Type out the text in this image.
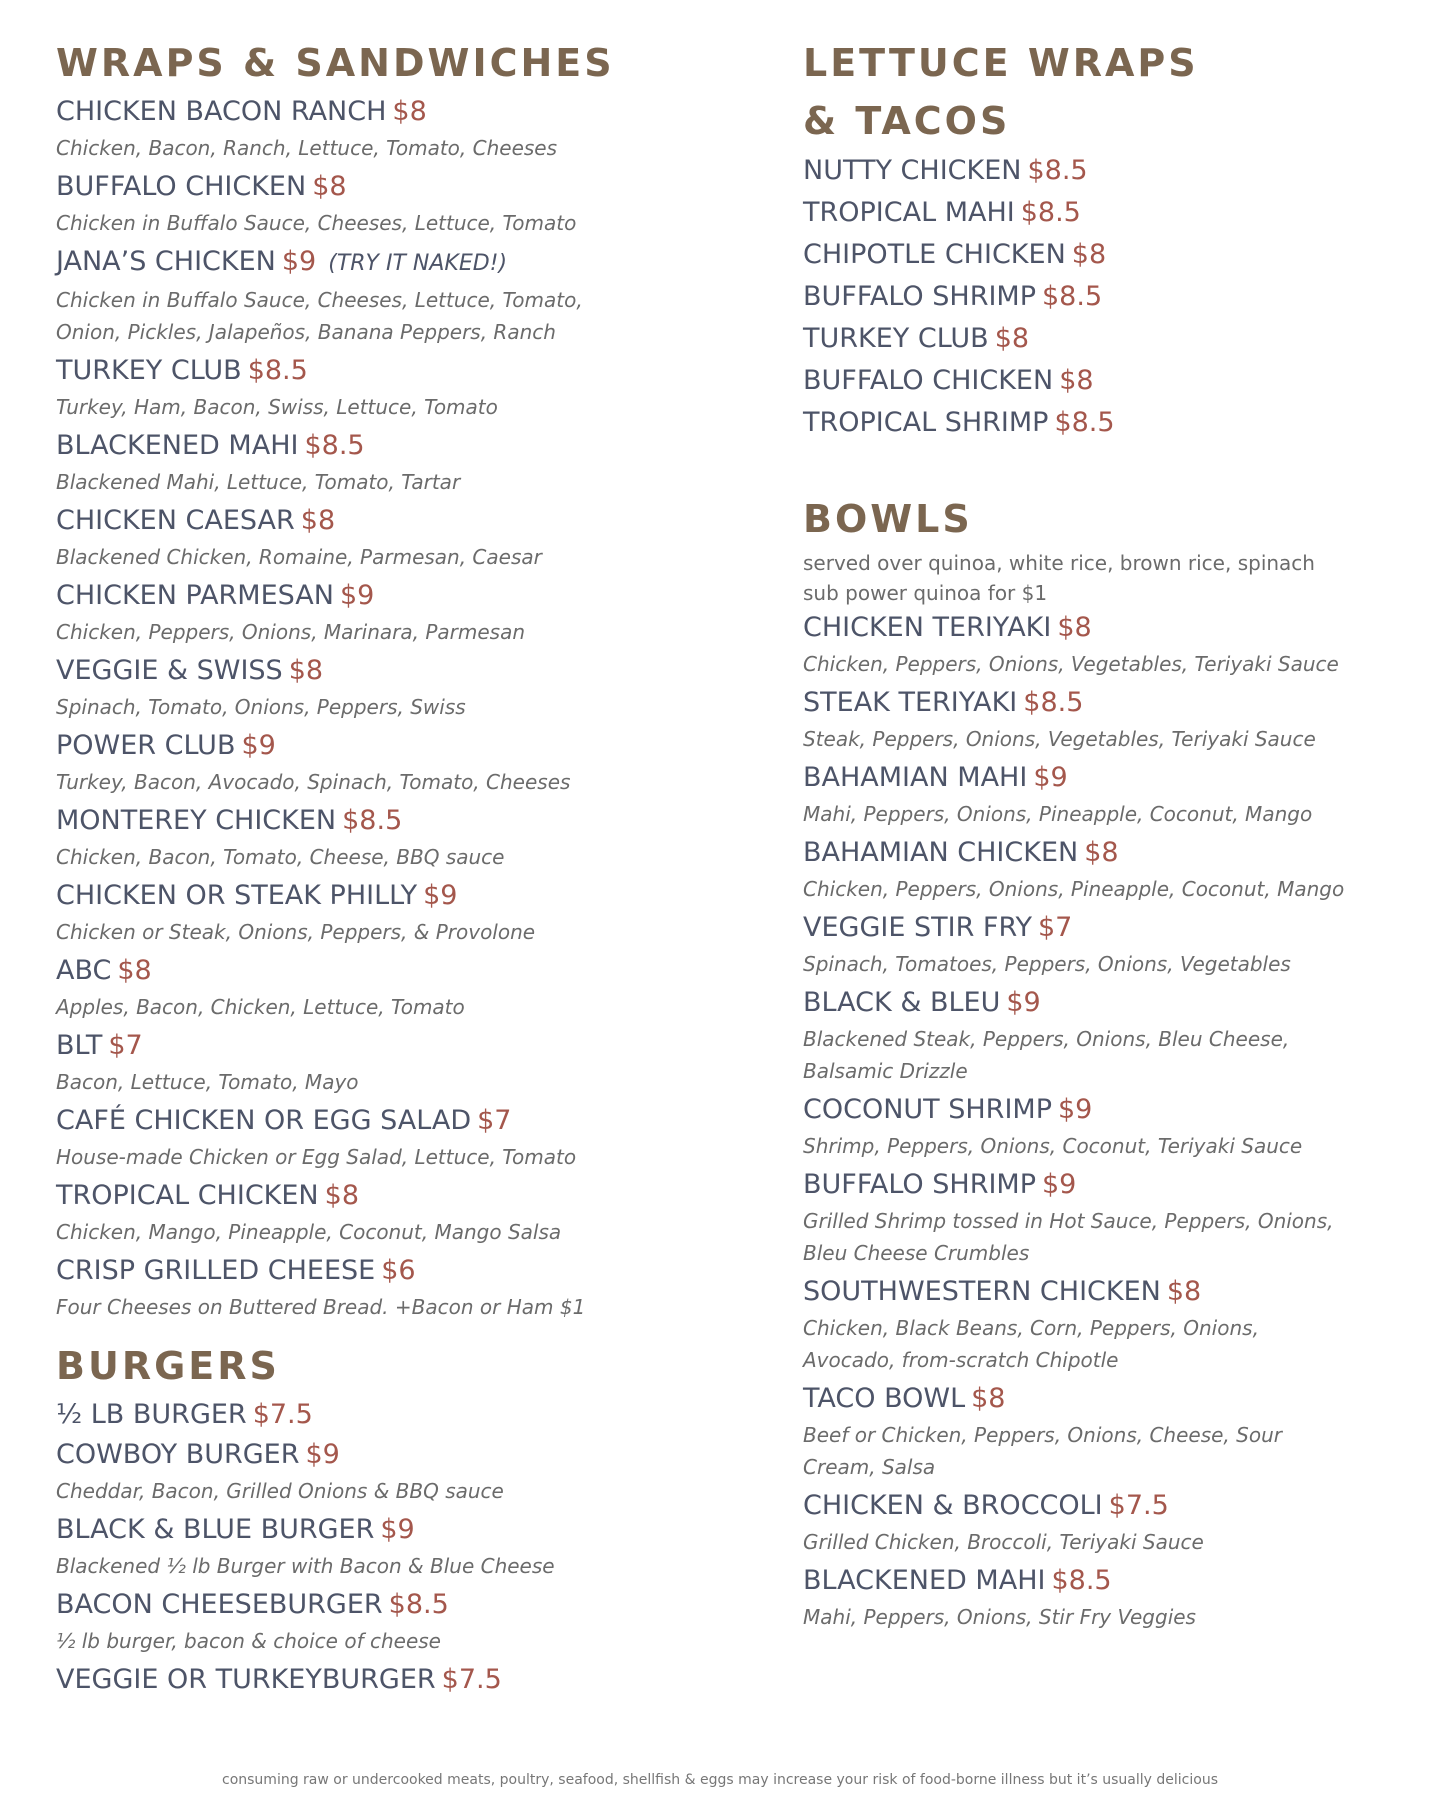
WRAPS & SANDWICHES
CHICKEN BACON RANCH $8
Chicken, Bacon, Ranch, Lettuce, Tomato, Cheeses
BUFFALO CHICKEN $8
Chicken in Buffalo Sauce, Cheeses, Lettuce, Tomato
JANA’S CHICKEN $9 (TRY IT NAKED!)
Chicken in Buffalo Sauce, Cheeses, Lettuce, Tomato,
Onion, Pickles, Jalapeños, Banana Peppers, Ranch
TURKEY CLUB $8.5
Turkey, Ham, Bacon, Swiss, Lettuce, Tomato
BLACKENED MAHI $8.5
Blackened Mahi, Lettuce, Tomato, Tartar
CHICKEN CAESAR $8
Blackened Chicken, Romaine, Parmesan, Caesar
CHICKEN PARMESAN $9
Chicken, Peppers, Onions, Marinara, Parmesan
VEGGIE & SWISS $8
Spinach, Tomato, Onions, Peppers, Swiss
POWER CLUB $9
Turkey, Bacon, Avocado, Spinach, Tomato, Cheeses
MONTEREY CHICKEN $8.5
Chicken, Bacon, Tomato, Cheese, BBQ sauce
CHICKEN OR STEAK PHILLY $9
Chicken or Steak, Onions, Peppers, & Provolone
ABC $8
Apples, Bacon, Chicken, Lettuce, Tomato
BLT $7
Bacon, Lettuce, Tomato, Mayo
CAFÉ CHICKEN OR EGG SALAD $7
House-made Chicken or Egg Salad, Lettuce, Tomato
TROPICAL CHICKEN $8
Chicken, Mango, Pineapple, Coconut, Mango Salsa
CRISP GRILLED CHEESE $6
Four Cheeses on Buttered Bread. +Bacon or Ham $1
BURGERS
½ LB BURGER $7.5
COWBOY BURGER $9
Cheddar, Bacon, Grilled Onions & BBQ sauce
BLACK & BLUE BURGER $9
Blackened ½ lb Burger with Bacon & Blue Cheese
BACON CHEESEBURGER $8.5
½ lb burger, bacon & choice of cheese
VEGGIE OR TURKEYBURGER $7.5
LETTUCE WRAPS
& TACOS
NUTTY CHICKEN $8.5
TROPICAL MAHI $8.5
CHIPOTLE CHICKEN $8
BUFFALO SHRIMP $8.5
TURKEY CLUB $8
BUFFALO CHICKEN $8
TROPICAL SHRIMP $8.5
BOWLS
served over quinoa, white rice, brown rice, spinach
sub power quinoa for $1
CHICKEN TERIYAKI $8
Chicken, Peppers, Onions, Vegetables, Teriyaki Sauce
STEAK TERIYAKI $8.5
Steak, Peppers, Onions, Vegetables, Teriyaki Sauce
BAHAMIAN MAHI $9
Mahi, Peppers, Onions, Pineapple, Coconut, Mango
BAHAMIAN CHICKEN $8
Chicken, Peppers, Onions, Pineapple, Coconut, Mango
VEGGIE STIR FRY $7
Spinach, Tomatoes, Peppers, Onions, Vegetables
BLACK & BLEU $9
Blackened Steak, Peppers, Onions, Bleu Cheese,
Balsamic Drizzle
COCONUT SHRIMP $9
Shrimp, Peppers, Onions, Coconut, Teriyaki Sauce
BUFFALO SHRIMP $9
Grilled Shrimp tossed in Hot Sauce, Peppers, Onions,
Bleu Cheese Crumbles
SOUTHWESTERN CHICKEN $8
Chicken, Black Beans, Corn, Peppers, Onions,
Avocado, from-scratch Chipotle
TACO BOWL $8
Beef or Chicken, Peppers, Onions, Cheese, Sour
Cream, Salsa
CHICKEN & BROCCOLI $7.5
Grilled Chicken, Broccoli, Teriyaki Sauce
BLACKENED MAHI $8.5
Mahi, Peppers, Onions, Stir Fry Veggies
consuming raw or undercooked meats, poultry, seafood, shellfish & eggs may increase your risk of food-borne illness but it’s usually delicious
